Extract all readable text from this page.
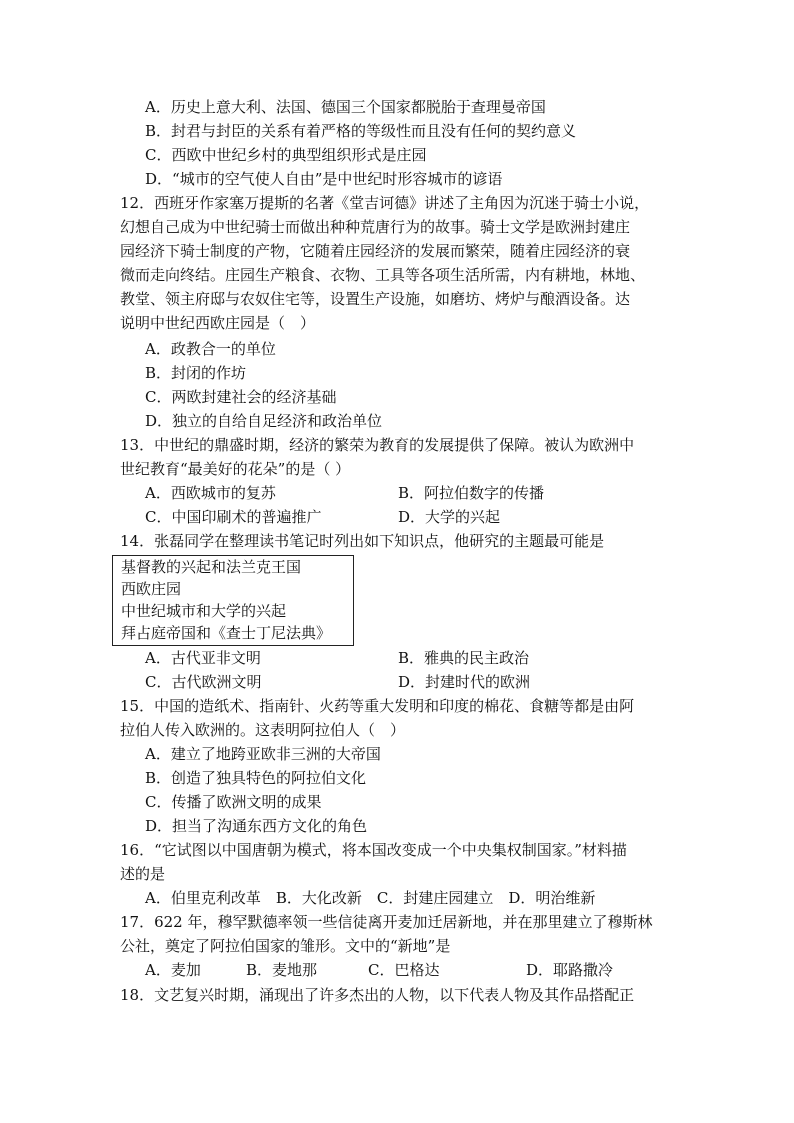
A．历史上意大利、法国、德国三个国家都脱胎于查理曼帝国
B．封君与封臣的关系有着严格的等级性而且没有任何的契约意义
C．西欧中世纪乡村的典型组织形式是庄园
D．“城市的空气使人自由”是中世纪时形容城市的谚语
12．西班牙作家塞万提斯的名著《堂吉诃德》讲述了主角因为沉迷于骑士小说，
幻想自己成为中世纪骑士而做出种种荒唐行为的故事。骑士文学是欧洲封建庄
园经济下骑士制度的产物，它随着庄园经济的发展而繁荣，随着庄园经济的衰
微而走向终结。庄园生产粮食、衣物、工具等各项生活所需，内有耕地，林地、
教堂、领主府邸与农奴住宅等，设置生产设施，如磨坊、烤炉与酿酒设备。达
说明中世纪西欧庄园是（　）
A．政教合一的单位
B．封闭的作坊
C．两欧封建社会的经济基础
D．独立的自给自足经济和政治单位
13．中世纪的鼎盛时期，经济的繁荣为教育的发展提供了保障。被认为欧洲中
世纪教育“最美好的花朵”的是（ ）
A．西欧城市的复苏	B．阿拉伯数字的传播
C．中国印刷术的普遍推广	D．大学的兴起
14．张磊同学在整理读书笔记时列出如下知识点，他研究的主题最可能是
基督教的兴起和法兰克王国
西欧庄园
中世纪城市和大学的兴起
拜占庭帝国和《查士丁尼法典》
A．古代亚非文明	B．雅典的民主政治
C．古代欧洲文明	D．封建时代的欧洲
15．中国的造纸术、指南针、火药等重大发明和印度的棉花、食糖等都是由阿
拉伯人传入欧洲的。这表明阿拉伯人（　）
A．建立了地跨亚欧非三洲的大帝国
B．创造了独具特色的阿拉伯文化
C．传播了欧洲文明的成果
D．担当了沟通东西方文化的角色
16．“它试图以中国唐朝为模式，将本国改变成一个中央集权制国家。”材料描
述的是
A．伯里克利改革　B．大化改新　C．封建庄园建立　D．明治维新
17．622 年，穆罕默德率领一些信徒离开麦加迁居新地，并在那里建立了穆斯林
公社，奠定了阿拉伯国家的雏形。文中的“新地”是
A．麦加	B．麦地那	C．巴格达	D．耶路撒冷
18．文艺复兴时期，涌现出了许多杰出的人物，以下代表人物及其作品搭配正
